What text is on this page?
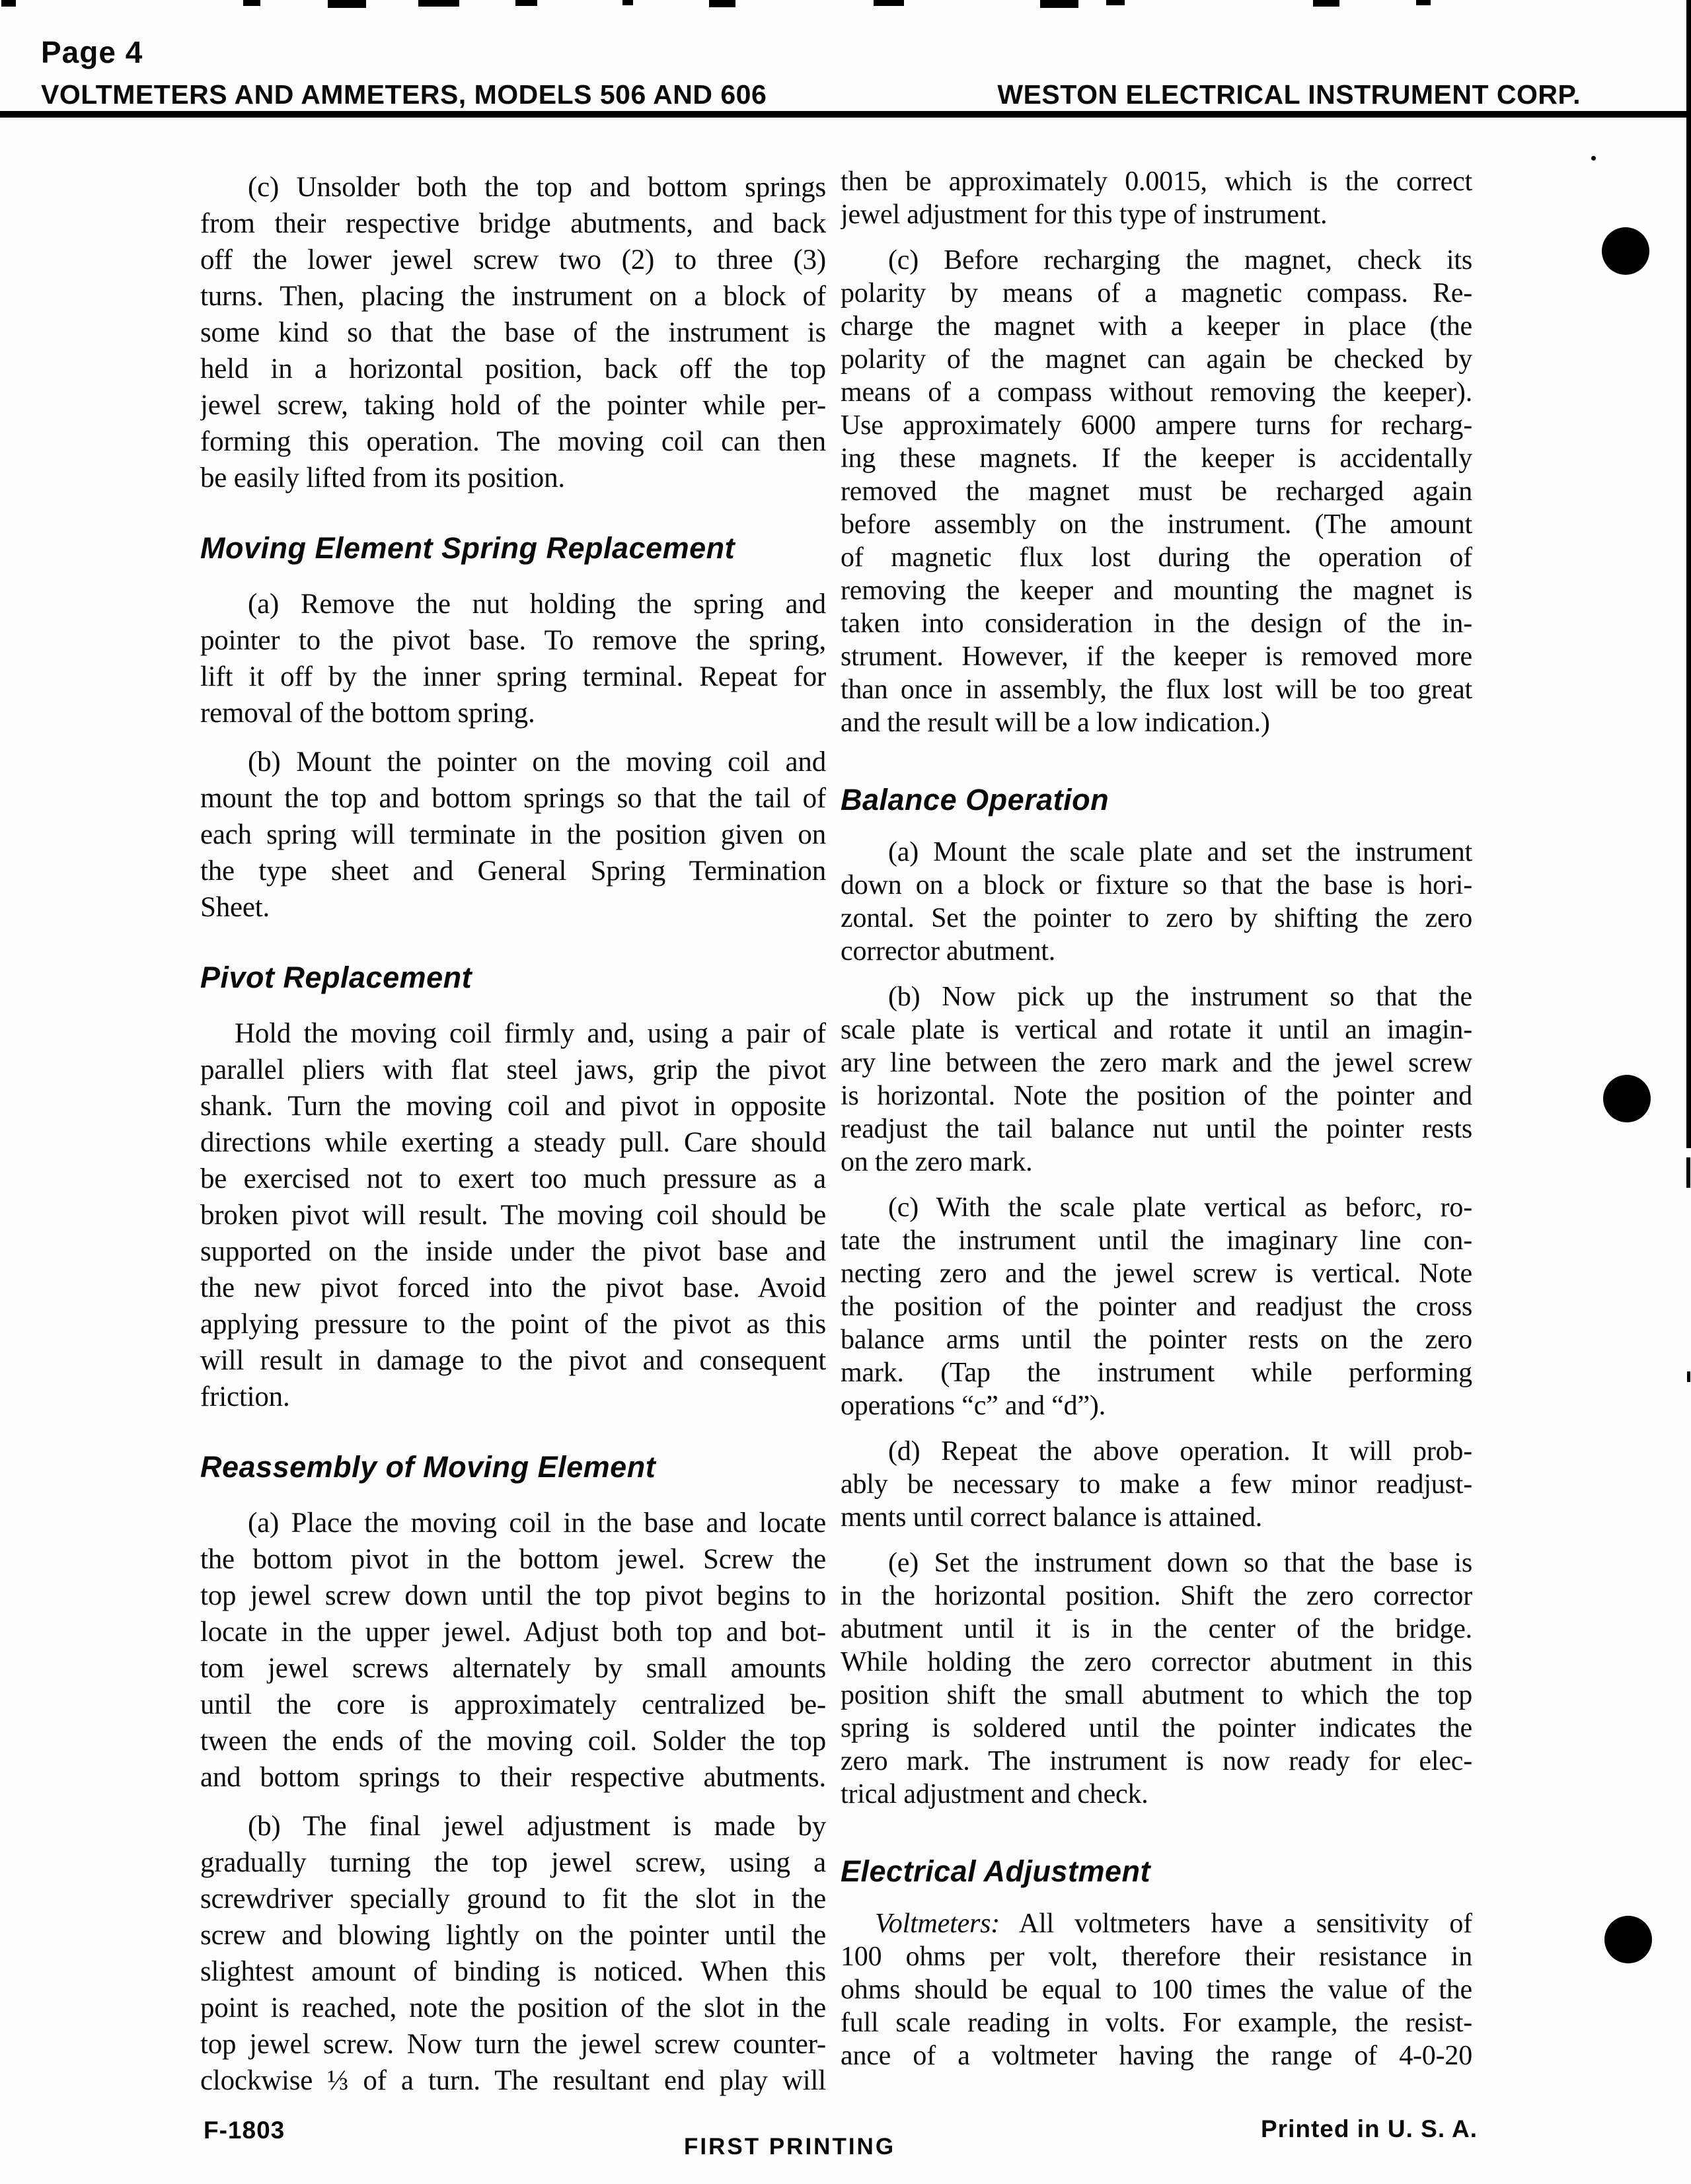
Page 4
VOLTMETERS AND AMMETERS, MODELS 506 AND 606	WESTON ELECTRICAL INSTRUMENT CORP.
(c) Unsolder both the top and bottom springs
from their respective bridge abutments, and back
off the lower jewel screw two (2) to three (3)
turns. Then, placing the instrument on a block of
some kind so that the base of the instrument is
held in a horizontal position, back off the top
jewel screw, taking hold of the pointer while per-
forming this operation. The moving coil can then
be easily lifted from its position.
Moving Element Spring Replacement
(a) Remove the nut holding the spring and
pointer to the pivot base. To remove the spring,
lift it off by the inner spring terminal. Repeat for
removal of the bottom spring.
(b) Mount the pointer on the moving coil and
mount the top and bottom springs so that the tail of
each spring will terminate in the position given on
the type sheet and General Spring Termination
Sheet.
Pivot Replacement
Hold the moving coil firmly and, using a pair of
parallel pliers with flat steel jaws, grip the pivot
shank. Turn the moving coil and pivot in opposite
directions while exerting a steady pull. Care should
be exercised not to exert too much pressure as a
broken pivot will result. The moving coil should be
supported on the inside under the pivot base and
the new pivot forced into the pivot base. Avoid
applying pressure to the point of the pivot as this
will result in damage to the pivot and consequent
friction.
Reassembly of Moving Element
(a) Place the moving coil in the base and locate
the bottom pivot in the bottom jewel. Screw the
top jewel screw down until the top pivot begins to
locate in the upper jewel. Adjust both top and bot-
tom jewel screws alternately by small amounts
until the core is approximately centralized be-
tween the ends of the moving coil. Solder the top
and bottom springs to their respective abutments.
(b) The final jewel adjustment is made by
gradually turning the top jewel screw, using a
screwdriver specially ground to fit the slot in the
screw and blowing lightly on the pointer until the
slightest amount of binding is noticed. When this
point is reached, note the position of the slot in the
top jewel screw. Now turn the jewel screw counter-
clockwise ⅓ of a turn. The resultant end play will
then be approximately 0.0015, which is the correct
jewel adjustment for this type of instrument.
(c) Before recharging the magnet, check its
polarity by means of a magnetic compass. Re-
charge the magnet with a keeper in place (the
polarity of the magnet can again be checked by
means of a compass without removing the keeper).
Use approximately 6000 ampere turns for recharg-
ing these magnets. If the keeper is accidentally
removed the magnet must be recharged again
before assembly on the instrument. (The amount
of magnetic flux lost during the operation of
removing the keeper and mounting the magnet is
taken into consideration in the design of the in-
strument. However, if the keeper is removed more
than once in assembly, the flux lost will be too great
and the result will be a low indication.)
Balance Operation
(a) Mount the scale plate and set the instrument
down on a block or fixture so that the base is hori-
zontal. Set the pointer to zero by shifting the zero
corrector abutment.
(b) Now pick up the instrument so that the
scale plate is vertical and rotate it until an imagin-
ary line between the zero mark and the jewel screw
is horizontal. Note the position of the pointer and
readjust the tail balance nut until the pointer rests
on the zero mark.
(c) With the scale plate vertical as beforc, ro-
tate the instrument until the imaginary line con-
necting zero and the jewel screw is vertical. Note
the position of the pointer and readjust the cross
balance arms until the pointer rests on the zero
mark. (Tap the instrument while performing
operations “c” and “d”).
(d) Repeat the above operation. It will prob-
ably be necessary to make a few minor readjust-
ments until correct balance is attained.
(e) Set the instrument down so that the base is
in the horizontal position. Shift the zero corrector
abutment until it is in the center of the bridge.
While holding the zero corrector abutment in this
position shift the small abutment to which the top
spring is soldered until the pointer indicates the
zero mark. The instrument is now ready for elec-
trical adjustment and check.
Electrical Adjustment
Voltmeters: All voltmeters have a sensitivity of
100 ohms per volt, therefore their resistance in
ohms should be equal to 100 times the value of the
full scale reading in volts. For example, the resist-
ance of a voltmeter having the range of 4-0-20
F-1803
FIRST PRINTING
Printed in U. S. A.
